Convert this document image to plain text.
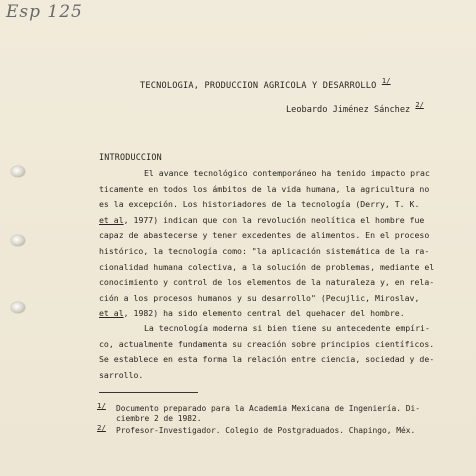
Esp 125
TECNOLOGIA, PRODUCCION AGRICOLA Y DESARROLLO $^{1/}$
Leobardo Jiménez Sánchez $^{2/}$
INTRODUCCION
El avance tecnológico contemporáneo ha tenido impacto prac
ticamente en todos los ámbitos de la vida humana, la agricultura no
es la excepción. Los historiadores de la tecnología (Derry, T. K.
et al, 1977) indican que con la revolución neolítica el hombre fue
capaz de abastecerse y tener excedentes de alimentos. En el proceso
histórico, la tecnología como: "la aplicación sistemática de la ra-
cionalidad humana colectiva, a la solución de problemas, mediante el
conocimiento y control de los elementos de la naturaleza y, en rela-
ción a los procesos humanos y su desarrollo" (Pecujlic, Miroslav,
et al, 1982) ha sido elemento central del quehacer del hombre.
La tecnología moderna si bien tiene su antecedente empíri-
co, actualmente fundamenta su creación sobre principios científicos.
Se establece en esta forma la relación entre ciencia, sociedad y de-
sarrollo.
1/ Documento preparado para la Academia Mexicana de Ingeniería. Di-
ciembre 2 de 1982.
2/ Profesor-Investigador. Colegio de Postgraduados. Chapingo, Méx.
